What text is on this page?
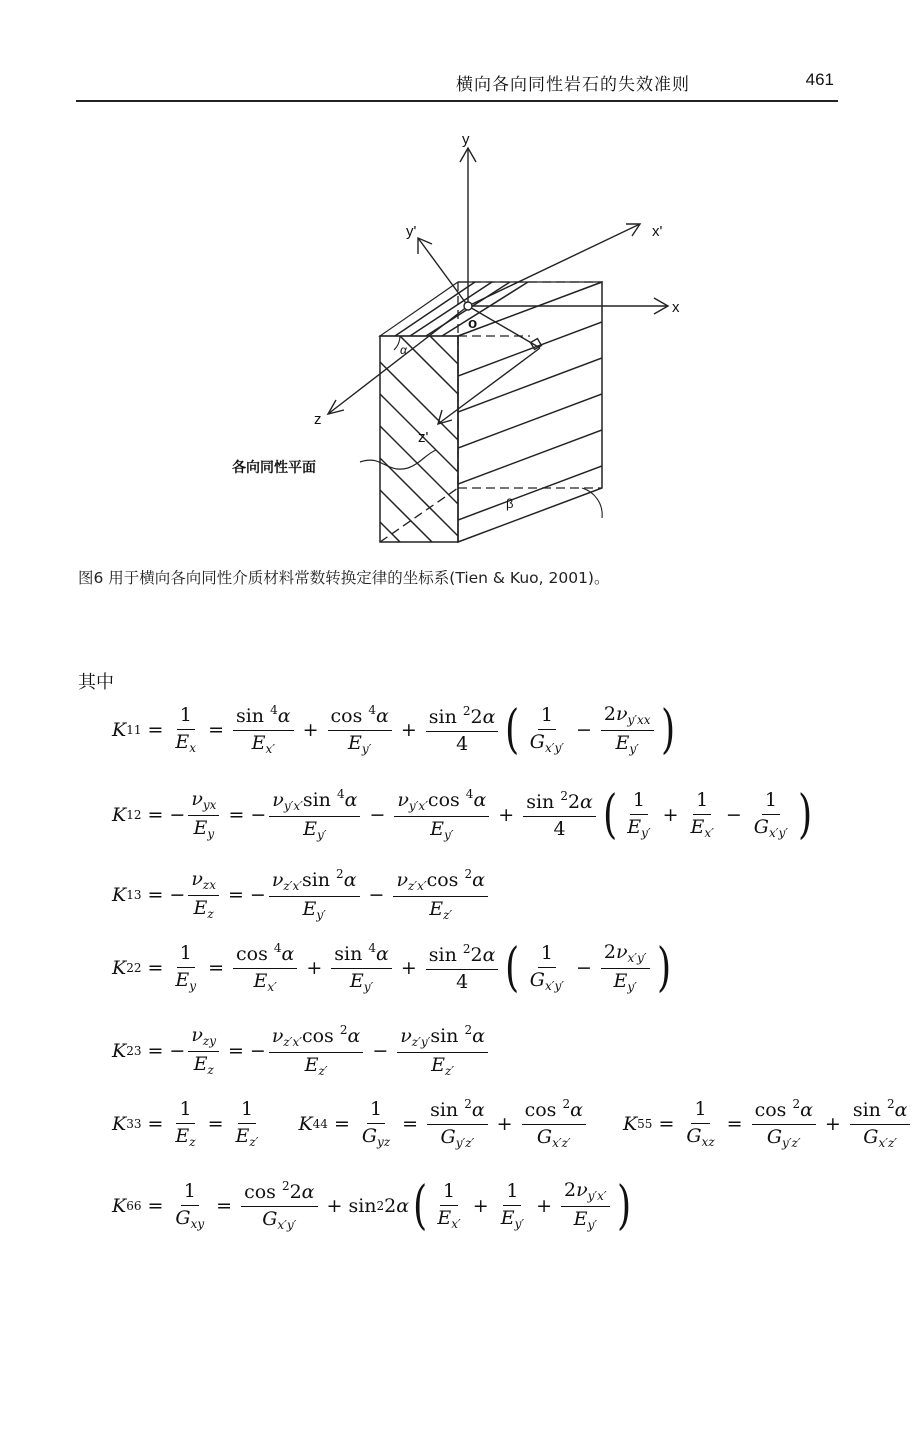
横向各向同性岩石的失效准则	461
y
x
z
x'
y'
z'
o
α
β
各向同性平面
图6 用于横向各向同性介质材料常数转换定律的坐标系(Tien & Kuo, 2001)。
其中
K $11 = \frac{1}{E_x} = \frac{\sin ^4\alpha}{E_{x'}} + \frac{\cos ^4\alpha}{E_{y'}} + \frac{\sin ^22\alpha}{4}$ ( $\frac{1}{G_{x'y'}} - \frac{2\nu_{y'xx}}{E_{y'}}$ )
K 12 = − $\frac{\nu_{yx}}{E_y}$ = − $\frac{\nu_{y'x'}\sin ^4\alpha}{E_{y'}} - \frac{\nu_{y'x'}\cos ^4\alpha}{E_{y'}} + \frac{\sin ^22\alpha}{4}$ ( $\frac{1}{E_{y'}} + \frac{1}{E_{x'}} - \frac{1}{G_{x'y'}}$ )
K 13 = − $\frac{\nu_{zx}}{E_z}$ = − $\frac{\nu_{z'x'}\sin ^2\alpha}{E_{y'}} - \frac{\nu_{z'x'}\cos ^2\alpha}{E_{z'}}$
K $22 = \frac{1}{E_y} = \frac{\cos ^4\alpha}{E_{x'}} + \frac{\sin ^4\alpha}{E_{y'}} + \frac{\sin ^22\alpha}{4}$ ( $\frac{1}{G_{x'y'}} - \frac{2\nu_{x'y'}}{E_{y'}}$ )
K 23 = − $\frac{\nu_{zy}}{E_z}$ = − $\frac{\nu_{z'x'}\cos ^2\alpha}{E_{z'}} - \frac{\nu_{z'y'}\sin ^2\alpha}{E_{z'}}$
K $33 = \frac{1}{E_z} = \frac{1}{E_{z'}}$ K $44 = \frac{1}{G_{yz}} = \frac{\sin ^2\alpha}{G_{y'z'}} + \frac{\cos ^2\alpha}{G_{x'z'}}$ K $55 = \frac{1}{G_{xz}} = \frac{\cos ^2\alpha}{G_{y'z'}} + \frac{\sin ^2\alpha}{G_{x'z'}}$
K $66 = \frac{1}{G_{xy}} = \frac{\cos ^22\alpha}{G_{x'y'}} + \sin 2$ 2 α ( $\frac{1}{E_{x'}} + \frac{1}{E_{y'}} + \frac{2\nu_{y'x'}}{E_{y'}}$ )
